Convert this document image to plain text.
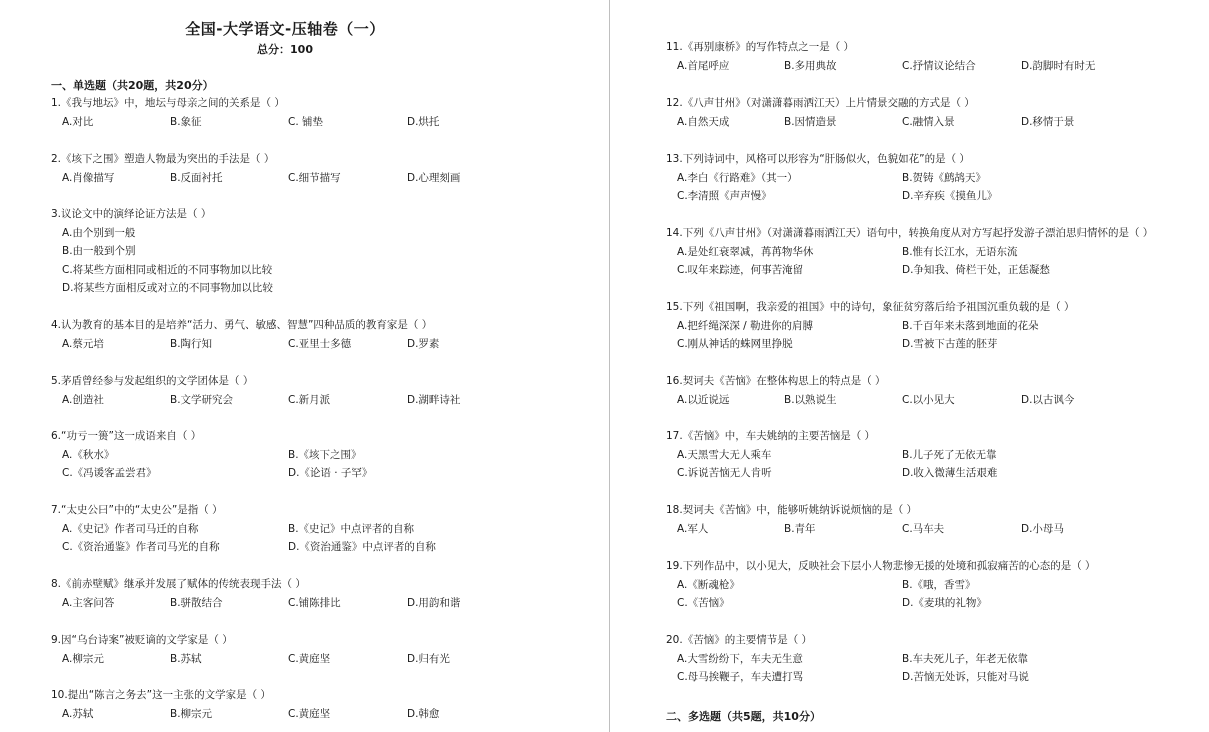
全国-大学语文-压轴卷（一）
总分：100
一、单选题（共20题，共20分）
1.《我与地坛》中，地坛与母亲之间的关系是（ ）
A.对比	B.象征	C. 铺垫	D.烘托
2.《垓下之围》塑造人物最为突出的手法是（ ）
A.肖像描写	B.反面衬托	C.细节描写	D.心理刻画
3.议论文中的演绎论证方法是（ ）
A.由个别到一般
B.由一般到个别
C.将某些方面相同或相近的不同事物加以比较
D.将某些方面相反或对立的不同事物加以比较
4.认为教育的基本目的是培养“活力、勇气、敏感、智慧”四种品质的教育家是（ ）
A.蔡元培	B.陶行知	C.亚里士多德	D.罗素
5.茅盾曾经参与发起组织的文学团体是（ ）
A.创造社	B.文学研究会	C.新月派	D.湖畔诗社
6.“功亏一篑”这一成语来自（ ）
A.《秋水》	B.《垓下之围》
C.《冯谖客孟尝君》	D.《论语 · 子罕》
7.“太史公曰”中的“太史公”是指（ ）
A.《史记》作者司马迁的自称	B.《史记》中点评者的自称
C.《资治通鉴》作者司马光的自称	D.《资治通鉴》中点评者的自称
8.《前赤壁赋》继承并发展了赋体的传统表现手法（ ）
A.主客问答	B.骈散结合	C.铺陈排比	D.用韵和谐
9.因“乌台诗案”被贬谪的文学家是（ ）
A.柳宗元	B.苏轼	C.黄庭坚	D.归有光
10.提出“陈言之务去”这一主张的文学家是（ ）
A.苏轼	B.柳宗元	C.黄庭坚	D.韩愈
11.《再别康桥》的写作特点之一是（ ）
A.首尾呼应	B.多用典故	C.抒情议论结合	D.韵脚时有时无
12.《八声甘州》（对潇潇暮雨洒江天）上片情景交融的方式是（ ）
A.自然天成	B.因情造景	C.融情入景	D.移情于景
13.下列诗词中，风格可以形容为“肝肠似火，色貌如花”的是（ ）
A.李白《行路难》（其一）	B.贺铸《鹧鸪天》
C.李清照《声声慢》	D.辛弃疾《摸鱼儿》
14.下列《八声甘州》（对潇潇暮雨洒江天）语句中，转换角度从对方写起抒发游子漂泊思归情怀的是（ ）
A.是处红衰翠减，苒苒物华休	B.惟有长江水，无语东流
C.叹年来踪迹，何事苦淹留	D.争知我、倚栏干处，正恁凝愁
15.下列《祖国啊，我亲爱的祖国》中的诗句，象征贫穷落后给予祖国沉重负载的是（ ）
A.把纤绳深深 / 勒进你的肩膊	B.千百年来未落到地面的花朵
C.刚从神话的蛛网里挣脱	D.雪被下古莲的胚芽
16.契诃夫《苦恼》在整体构思上的特点是（ ）
A.以近说远	B.以熟说生	C.以小见大	D.以古讽今
17.《苦恼》中，车夫姚纳的主要苦恼是（ ）
A.天黑雪大无人乘车	B.儿子死了无依无靠
C.诉说苦恼无人肯听	D.收入微薄生活艰难
18.契诃夫《苦恼》中，能够听姚纳诉说烦恼的是（ ）
A.军人	B.青年	C.马车夫	D.小母马
19.下列作品中，以小见大，反映社会下层小人物悲惨无援的处境和孤寂痛苦的心态的是（ ）
A.《断魂枪》	B.《哦，香雪》
C.《苦恼》	D.《麦琪的礼物》
20.《苦恼》的主要情节是（ ）
A.大雪纷纷下，车夫无生意	B.车夫死儿子，年老无依靠
C.母马挨鞭子，车夫遭打骂	D.苦恼无处诉，只能对马说
二、多选题（共5题，共10分）
